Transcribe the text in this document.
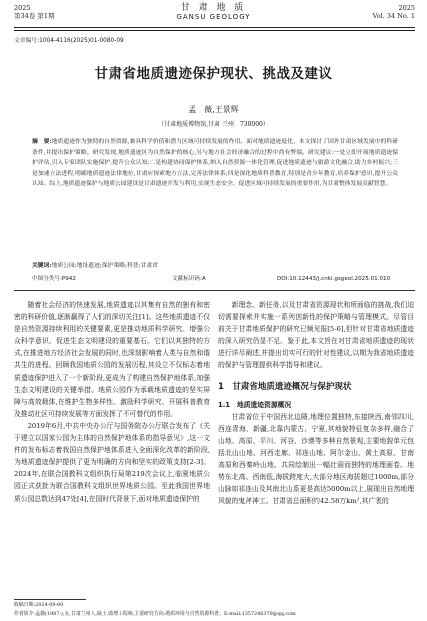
2025
第34卷 第1期
甘 肃 地 质
GANSU GEOLOGY
2025
Vol. 34 No. 1
文章编号:1004-4116(2025)01-0080-09
甘肃省地质遗迹保护现状、挑战及建议
孟　薇,王景辉
（甘肃地质博物馆,甘肃 兰州　730000）
摘　要:地质遗迹作为独特的自然资源,兼具科学价值和潜力区域可持续发展的作用。面对地质遗迹退化、本文探讨了国外甘肃区域发展中的科研条件,并提出保护策略。研究发现,地质遗迹区为自然保护的核心,另与地方社会经济融合的过程中尚有弊端。研究建议:一是立即开展地质遗迹保护评估,引入专家团队实施保护,提升公众认知;二是构建协同保护体系,纳入自然资源一体化管理,促进地质遗迹与旅游文化融合,助力乡村振兴;三是加速立法进程,明确地质遗迹法律地位,甘肃应探索地方立法,完善法律体系;四是深化地质科普教育,特别是青少年教育,培养保护意识,提升公众认知。综上,地质遗迹保护与地质公园建设是甘肃遗迹开发与利用,实现生态安全、促进区域可持续发展的重要作用,为甘肃整体发展贡献智慧。
关键词:地质公园;地址遗迹;保护策略;科普;甘肃省
中图分类号:P942	文献标识码:A	DOI:10.12443/j.cnki.gsgeol.2025.01.010

随着社会经济的快速发展,地质遗迹以其集有自然的独有和密密的科研价值,逐渐赢得了人们的深切关注[1]。这些地质遗迹不仅是自然资源持续利用的关键要素,更是推动地质科学研究、增强公众科学意识、促进生态文明建设的重要基石。它们以其独特的方式,在推进地方经济社会发展的同时,也深刻影响着人类与自然和谐共生的进程。回顾我国地质公园的发展历程,其设立不仅标志着地质遗迹保护进入了一个新阶段,更成为了构建自然保护地体系,加强生态文明建设的关键举措。地质公园作为承载地质遗迹的坚实屏障与高效载体,在维护生物多样性、激励科学研究、开展科普教育及推动社区可持续发展等方面发挥了不可替代的作用。

2019年6月,中共中央办公厅与国务院办公厅联合发布了《关于建立以国家公园为主体的自然保护地体系的指导意见》,这一文件的发布标志着我国自然保护地体系进入全面深化改革的新阶段,为地质遗迹保护提供了更为明确的方向和坚实的政策支持[2-3]。2024年,在联合国教科文组织执行局第219次会议上,临夏地质公园正式获批为联合国教科文组织世界地质公园。至此我国世界地质公园总数达到47处[4],在国时代背景下,面对地质遗迹保护的

新理念、新任务,以及甘肃省资源现状和所面临的挑战,我们迫切需要探索并实施一系列创新性的保护策略与管理模式。尽管目前关于甘肃地质保护的研究已频见报[5-6],但针对甘肃省地质遗迹的深入研究仍显不足。鉴于此,本文旨在对甘肃省地质遗迹的现状进行详尽阐述,并提出切实可行的针对性建议,以期为我省地质遗迹的保护与管理提供科学指导和建议。

1　甘肃省地质遗迹概况与保护现状
1.1　地质遗迹资源概况

甘肃省位于中国西北边陲,地理位置独特,东接陕西,南邻四川,西连青海、新疆,北靠内蒙古、宁夏,其地貌特征复杂多样,融合了山地、高原、平川、河谷、沙漠等多种自然景观,主要地貌单元包括北山山地、河西走廊、祁连山地、阿尔金山、黄土高原、甘南高原和西秦岭山地。共同绘制出一幅壮丽而独特的地理画卷。地势东北高、西南低,海拔跨度大,大部分地区海拔超过1000m,部分山脉如祁连山及其南北山系更是高达5000m以上,展现出自然地理风貌的鬼斧神工。甘肃省总面积约42.58万km²,其广袤的

收稿日期:2024-09-00
作者简介:孟薇(1987-),女,甘肃兰州人,硕士,助理工程师,主要研究方向:地质环境与自然资源科普。E-mail:1357246379@qq.com
